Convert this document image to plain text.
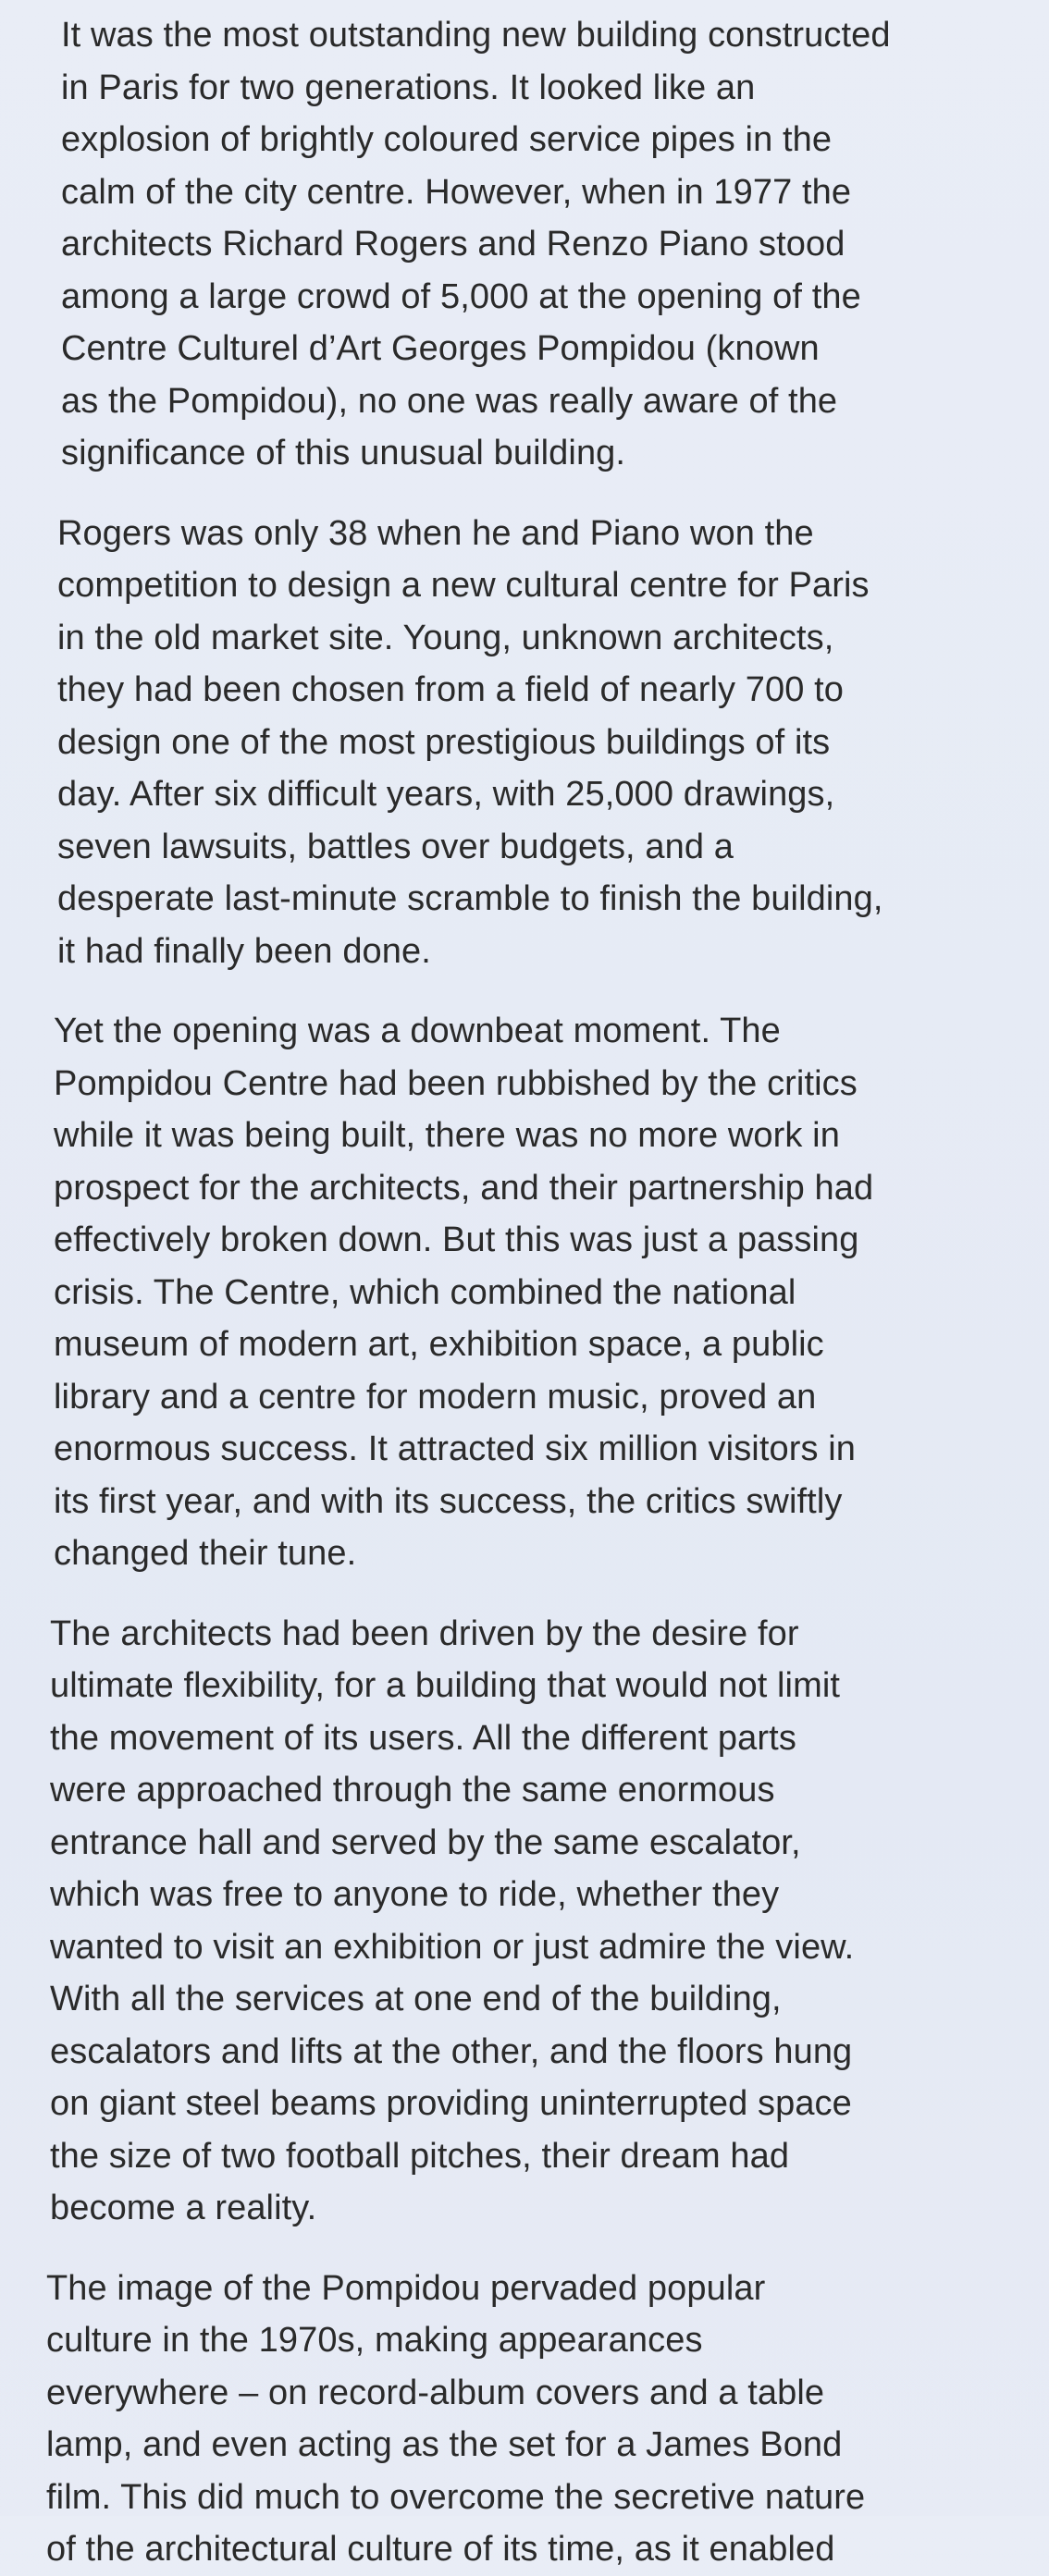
It was the most outstanding new building constructed
in Paris for two generations. It looked like an
explosion of brightly coloured service pipes in the
calm of the city centre. However, when in 1977 the
architects Richard Rogers and Renzo Piano stood
among a large crowd of 5,000 at the opening of the
Centre Culturel d’Art Georges Pompidou (known
as the Pompidou), no one was really aware of the
significance of this unusual building.

Rogers was only 38 when he and Piano won the
competition to design a new cultural centre for Paris
in the old market site. Young, unknown architects,
they had been chosen from a field of nearly 700 to
design one of the most prestigious buildings of its
day. After six difficult years, with 25,000 drawings,
seven lawsuits, battles over budgets, and a
desperate last-minute scramble to finish the building,
it had finally been done.

Yet the opening was a downbeat moment. The
Pompidou Centre had been rubbished by the critics
while it was being built, there was no more work in
prospect for the architects, and their partnership had
effectively broken down. But this was just a passing
crisis. The Centre, which combined the national
museum of modern art, exhibition space, a public
library and a centre for modern music, proved an
enormous success. It attracted six million visitors in
its first year, and with its success, the critics swiftly
changed their tune.

The architects had been driven by the desire for
ultimate flexibility, for a building that would not limit
the movement of its users. All the different parts
were approached through the same enormous
entrance hall and served by the same escalator,
which was free to anyone to ride, whether they
wanted to visit an exhibition or just admire the view.
With all the services at one end of the building,
escalators and lifts at the other, and the floors hung
on giant steel beams providing uninterrupted space
the size of two football pitches, their dream had
become a reality.

The image of the Pompidou pervaded popular
culture in the 1970s, making appearances
everywhere – on record-album covers and a table
lamp, and even acting as the set for a James Bond
film. This did much to overcome the secretive nature
of the architectural culture of its time, as it enabled
